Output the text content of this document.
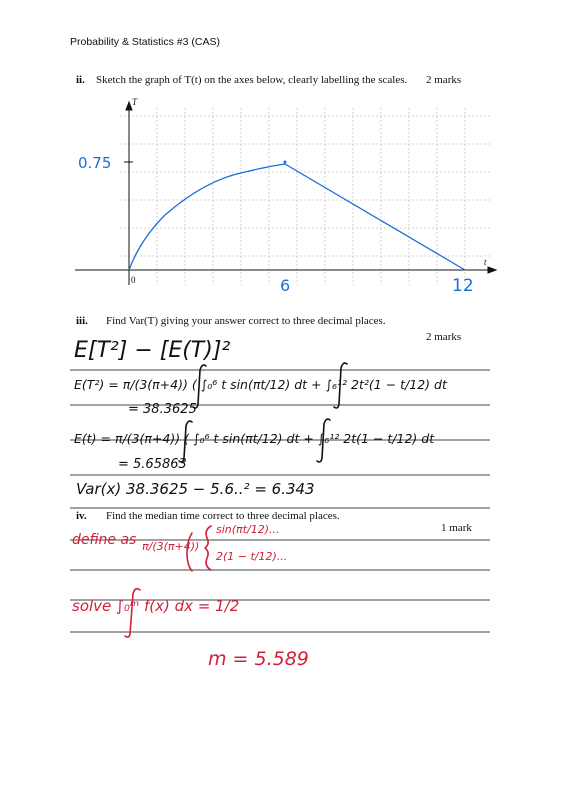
Probability & Statistics #3 (CAS)
ii. Sketch the graph of T(t) on the axes below, clearly labelling the scales. 2 marks
T
t
0
0.75
6	12
iii. Find Var(T) giving your answer correct to three decimal places.
2 marks
E[T²] − [E(T)]²
E(T²) = π/(3(π+4)) ( ∫₀⁶ t sin(πt/12) dt + ∫₆¹² 2t²(1 − t/12) dt
= 38.3625
E(t) = π/(3(π+4)) ( ∫₀⁶ t sin(πt/12) dt + ∫₆¹² 2t(1 − t/12) dt
= 5.65863
Var(x) 38.3625 − 5.6..² = 6.343
iv. Find the median time correct to three decimal places.
1 mark
define as π/(3(π+4))
sin(πt/12)...
2(1 − t/12)...
solve ∫₀ᵐ f(x) dx = 1/2
m = 5.589
